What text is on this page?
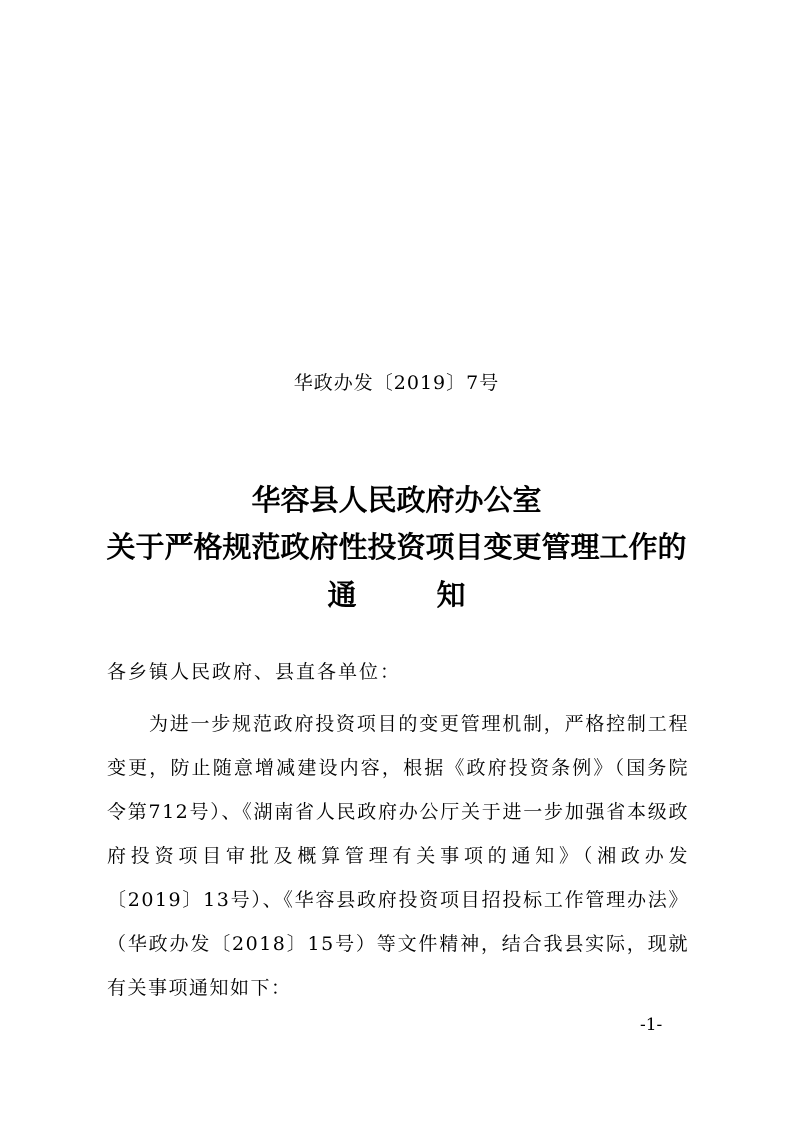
华政办发〔2019〕7号
华容县人民政府办公室
关于严格规范政府性投资项目变更管理工作的
通	知
各乡镇人民政府、县直各单位：

为进一步规范政府投资项目的变更管理机制，严格控制工程变更，防止随意增减建设内容，根据《政府投资条例》（国务院令第712号）、《湖南省人民政府办公厅关于进一步加强省本级政府投资项目审批及概算管理有关事项的通知》（湘政办发〔2019〕13号）、《华容县政府投资项目招投标工作管理办法》（华政办发〔2018〕15号）等文件精神，结合我县实际，现就有关事项通知如下：

-1-
